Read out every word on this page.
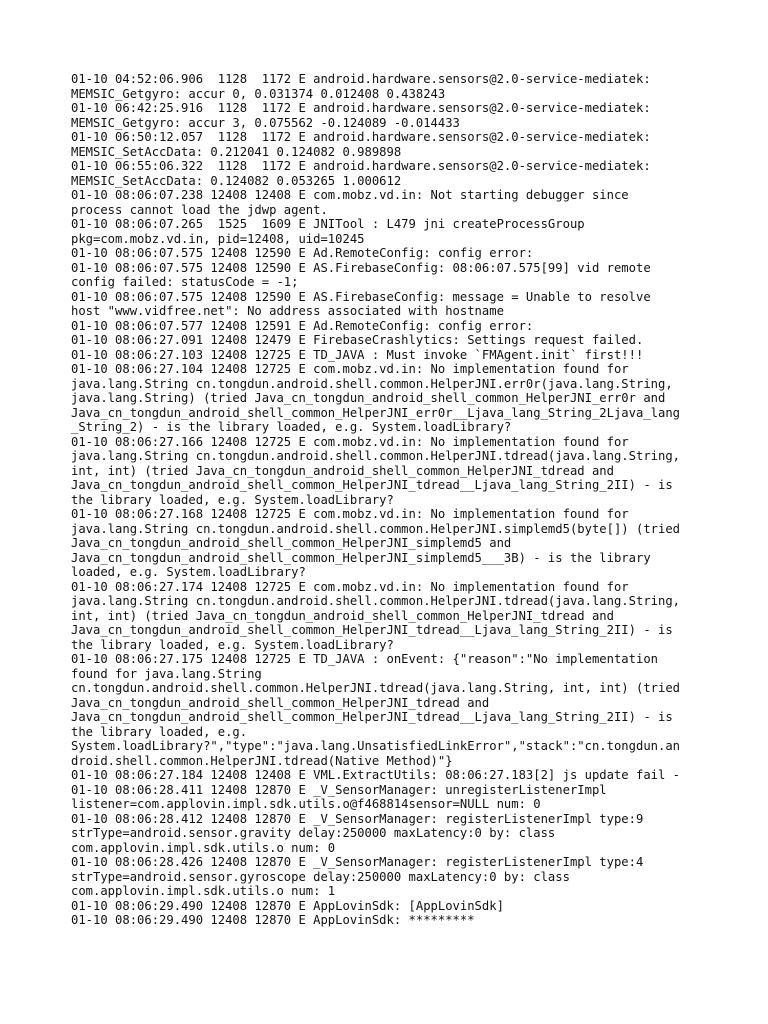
01-10 04:52:06.906  1128  1172 E android.hardware.sensors@2.0-service-mediatek:
MEMSIC_Getgyro: accur 0, 0.031374 0.012408 0.438243
01-10 06:42:25.916  1128  1172 E android.hardware.sensors@2.0-service-mediatek:
MEMSIC_Getgyro: accur 3, 0.075562 -0.124089 -0.014433
01-10 06:50:12.057  1128  1172 E android.hardware.sensors@2.0-service-mediatek:
MEMSIC_SetAccData: 0.212041 0.124082 0.989898
01-10 06:55:06.322  1128  1172 E android.hardware.sensors@2.0-service-mediatek:
MEMSIC_SetAccData: 0.124082 0.053265 1.000612
01-10 08:06:07.238 12408 12408 E com.mobz.vd.in: Not starting debugger since
process cannot load the jdwp agent.
01-10 08:06:07.265  1525  1609 E JNITool : L479 jni createProcessGroup
pkg=com.mobz.vd.in, pid=12408, uid=10245
01-10 08:06:07.575 12408 12590 E Ad.RemoteConfig: config error:
01-10 08:06:07.575 12408 12590 E AS.FirebaseConfig: 08:06:07.575[99] vid remote
config failed: statusCode = -1;
01-10 08:06:07.575 12408 12590 E AS.FirebaseConfig: message = Unable to resolve
host "www.vidfree.net": No address associated with hostname
01-10 08:06:07.577 12408 12591 E Ad.RemoteConfig: config error:
01-10 08:06:27.091 12408 12479 E FirebaseCrashlytics: Settings request failed.
01-10 08:06:27.103 12408 12725 E TD_JAVA : Must invoke `FMAgent.init` first!!!
01-10 08:06:27.104 12408 12725 E com.mobz.vd.in: No implementation found for
java.lang.String cn.tongdun.android.shell.common.HelperJNI.err0r(java.lang.String,
java.lang.String) (tried Java_cn_tongdun_android_shell_common_HelperJNI_err0r and
Java_cn_tongdun_android_shell_common_HelperJNI_err0r__Ljava_lang_String_2Ljava_lang
_String_2) - is the library loaded, e.g. System.loadLibrary?
01-10 08:06:27.166 12408 12725 E com.mobz.vd.in: No implementation found for
java.lang.String cn.tongdun.android.shell.common.HelperJNI.tdread(java.lang.String,
int, int) (tried Java_cn_tongdun_android_shell_common_HelperJNI_tdread and
Java_cn_tongdun_android_shell_common_HelperJNI_tdread__Ljava_lang_String_2II) - is
the library loaded, e.g. System.loadLibrary?
01-10 08:06:27.168 12408 12725 E com.mobz.vd.in: No implementation found for
java.lang.String cn.tongdun.android.shell.common.HelperJNI.simplemd5(byte[]) (tried
Java_cn_tongdun_android_shell_common_HelperJNI_simplemd5 and
Java_cn_tongdun_android_shell_common_HelperJNI_simplemd5___3B) - is the library
loaded, e.g. System.loadLibrary?
01-10 08:06:27.174 12408 12725 E com.mobz.vd.in: No implementation found for
java.lang.String cn.tongdun.android.shell.common.HelperJNI.tdread(java.lang.String,
int, int) (tried Java_cn_tongdun_android_shell_common_HelperJNI_tdread and
Java_cn_tongdun_android_shell_common_HelperJNI_tdread__Ljava_lang_String_2II) - is
the library loaded, e.g. System.loadLibrary?
01-10 08:06:27.175 12408 12725 E TD_JAVA : onEvent: {"reason":"No implementation
found for java.lang.String
cn.tongdun.android.shell.common.HelperJNI.tdread(java.lang.String, int, int) (tried
Java_cn_tongdun_android_shell_common_HelperJNI_tdread and
Java_cn_tongdun_android_shell_common_HelperJNI_tdread__Ljava_lang_String_2II) - is
the library loaded, e.g.
System.loadLibrary?","type":"java.lang.UnsatisfiedLinkError","stack":"cn.tongdun.an
droid.shell.common.HelperJNI.tdread(Native Method)"}
01-10 08:06:27.184 12408 12408 E VML.ExtractUtils: 08:06:27.183[2] js update fail -
01-10 08:06:28.411 12408 12870 E _V_SensorManager: unregisterListenerImpl
listener=com.applovin.impl.sdk.utils.o@f468814sensor=NULL num: 0
01-10 08:06:28.412 12408 12870 E _V_SensorManager: registerListenerImpl type:9
strType=android.sensor.gravity delay:250000 maxLatency:0 by: class
com.applovin.impl.sdk.utils.o num: 0
01-10 08:06:28.426 12408 12870 E _V_SensorManager: registerListenerImpl type:4
strType=android.sensor.gyroscope delay:250000 maxLatency:0 by: class
com.applovin.impl.sdk.utils.o num: 1
01-10 08:06:29.490 12408 12870 E AppLovinSdk: [AppLovinSdk]
01-10 08:06:29.490 12408 12870 E AppLovinSdk: *********
